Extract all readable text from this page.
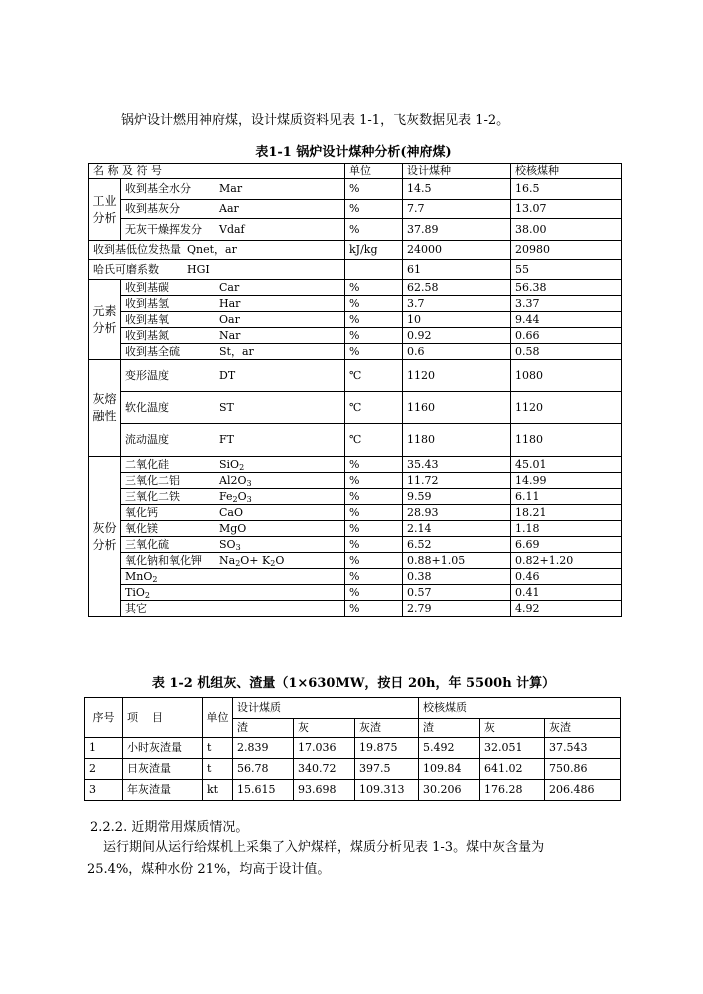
锅炉设计燃用神府煤，设计煤质资料见表 1-1，飞灰数据见表 1-2。
表1-1 锅炉设计煤种分析(神府煤)
名 称 及 符 号		单位	设计煤种	校核煤种
工业分析	收到基全水分 Mar	%	14.5	16.5
	收到基灰分 Aar	%	7.7	13.07
	无灰干燥挥发分 Vdaf	%	37.89	38.00
收到基低位发热量 Qnet，ar		kJ/kg	24000	20980
哈氏可磨系数 HGI			61	55
元素分析	收到基碳 Car	%	62.58	56.38
	收到基氢 Har	%	3.7	3.37
	收到基氧 Oar	%	10	9.44
	收到基氮 Nar	%	0.92	0.66
	收到基全硫 St，ar	%	0.6	0.58
灰熔融性	变形温度 DT	℃	1120	1080
	软化温度 ST	℃	1160	1120
	流动温度 FT	℃	1180	1180
灰份分析	二氧化硅 SiO$_2$	%	35.43	45.01
	三氧化二铝 $Al2O_3$	%	11.72	14.99
	三氧化二铁 $Fe_2O_3$	%	9.59	6.11
	氧化钙 CaO	%	28.93	18.21
	氧化镁 MgO	%	2.14	1.18
	三氧化硫 $SO_3$	%	6.52	6.69
	氧化钠和氧化钾 $Na_2O+ K_2O$	%	0.88+1.05	0.82+1.20
	MnO$_2$	%	0.38	0.46
	TiO$_2$	%	0.57	0.41
	其它	%	2.79	4.92
表 1-2 机组灰、渣量（1×630MW，按日 20h，年 5500h 计算）
序号	项    目	单位	设计煤质			校核煤质		
			渣	灰	灰渣	渣	灰	灰渣
1	小时灰渣量	t	2.839	17.036	19.875	5.492	32.051	37.543
2	日灰渣量	t	56.78	340.72	397.5	109.84	641.02	750.86
3	年灰渣量	kt	15.615	93.698	109.313	30.206	176.28	206.486
2.2.2. 近期常用煤质情况。
运行期间从运行给煤机上采集了入炉煤样，煤质分析见表 1-3。煤中灰含量为
25.4%，煤种水份 21%，均高于设计值。
